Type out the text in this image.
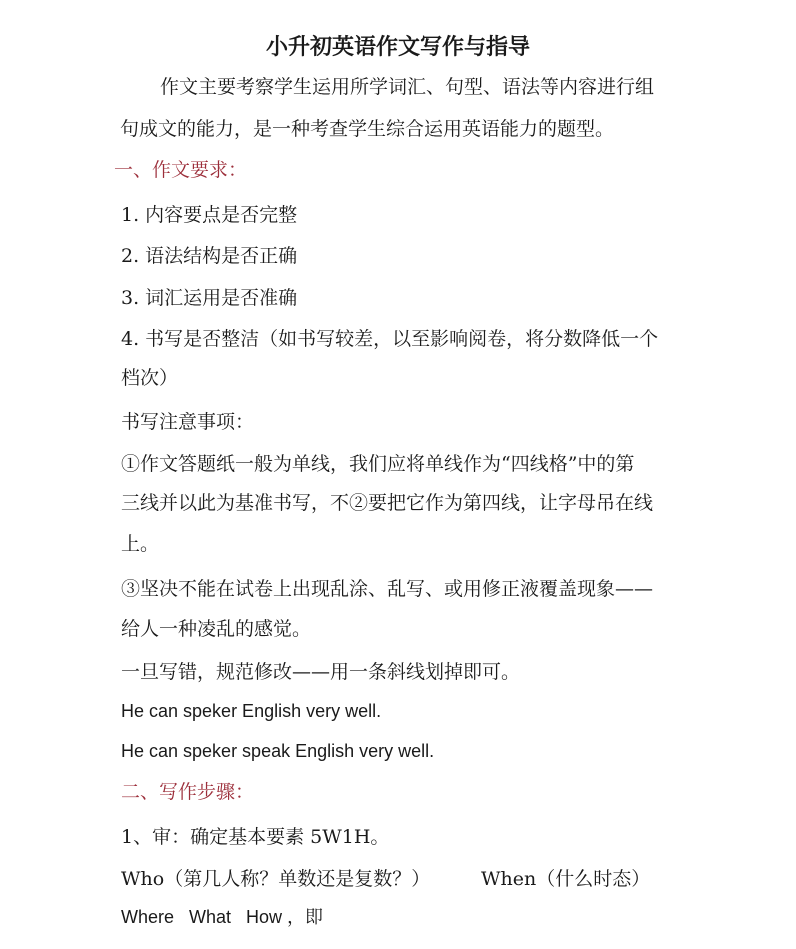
小升初英语作文写作与指导
作文主要考察学生运用所学词汇、句型、语法等内容进行组
句成文的能力，是一种考查学生综合运用英语能力的题型。
一、作文要求：
1. 内容要点是否完整
2. 语法结构是否正确
3. 词汇运用是否准确
4. 书写是否整洁（如书写较差，以至影响阅卷，将分数降低一个
档次）
书写注意事项：
①作文答题纸一般为单线，我们应将单线作为“四线格”中的第
三线并以此为基准书写，不②要把它作为第四线，让字母吊在线
上。
③坚决不能在试卷上出现乱涂、乱写、或用修正液覆盖现象——
给人一种凌乱的感觉。
一旦写错，规范修改——用一条斜线划掉即可。
He can speker English very well.
He can speker speak English very well.
二、写作步骤：
1、审：确定基本要素 5W1H。
Who（第几人称？单数还是复数？）	When（什么时态）
Where   What   How ，即
